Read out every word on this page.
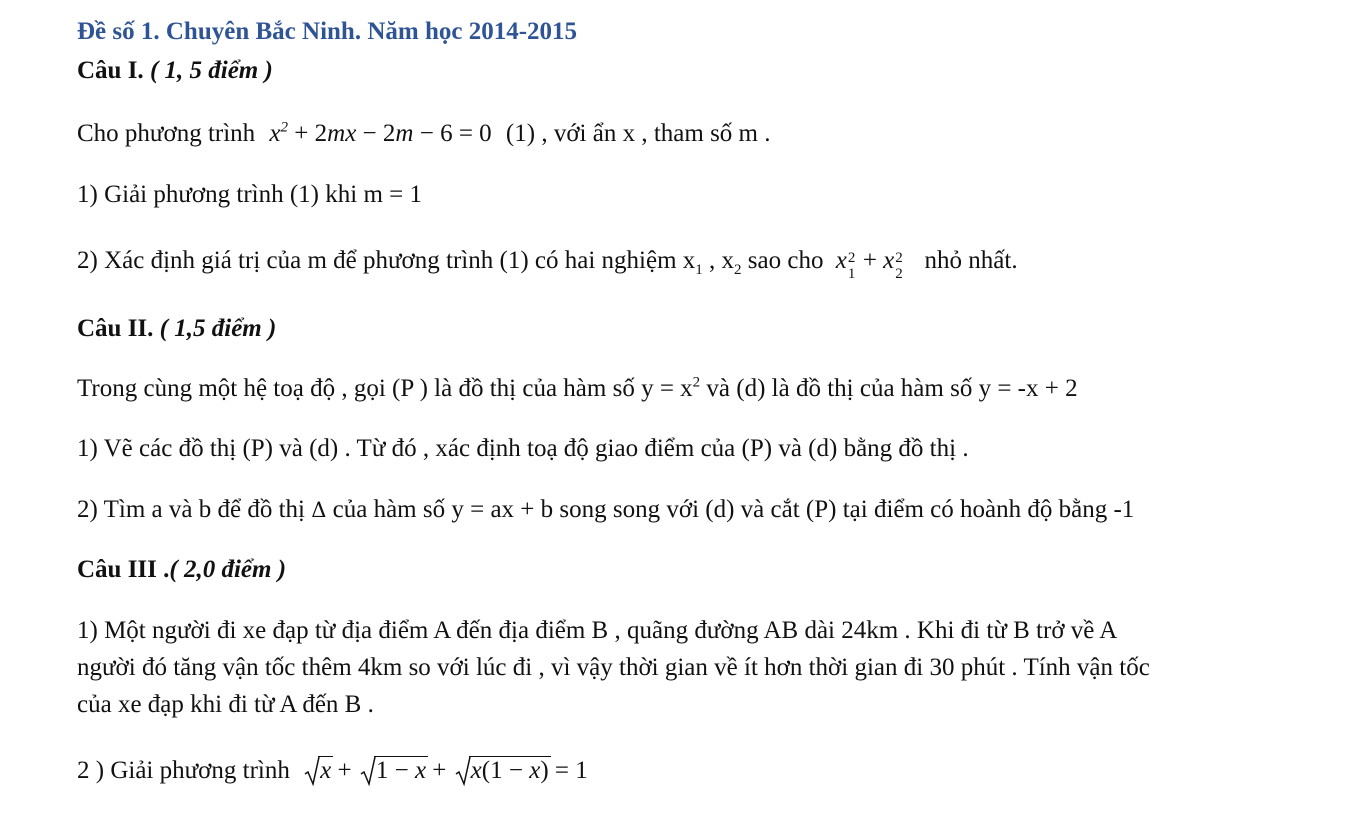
Đề số 1. Chuyên Bắc Ninh. Năm học 2014-2015
Câu I. ( 1, 5 điểm )
Cho phương trình $x^2 + 2mx - 2m - 6 = 0$ (1) , với ẩn x , tham số m .
1) Giải phương trình (1) khi m = 1
2) Xác định giá trị của m để phương trình (1) có hai nghiệm $x_1$ , $x_2$ sao cho x 2
1 + x 2
2 nhỏ nhất.
Câu II. ( 1,5 điểm )
Trong cùng một hệ toạ độ , gọi (P ) là đồ thị của hàm số $y = x^2$ và (d) là đồ thị của hàm số y = -x + 2
1) Vẽ các đồ thị (P) và (d) . Từ đó , xác định toạ độ giao điểm của (P) và (d) bằng đồ thị .
2) Tìm a và b để đồ thị Δ của hàm số y = ax + b song song với (d) và cắt (P) tại điểm có hoành độ bằng -1
Câu III .( 2,0 điểm )
1) Một người đi xe đạp từ địa điểm A đến địa điểm B , quãng đường AB dài 24km . Khi đi từ B trở về A
người đó tăng vận tốc thêm 4km so với lúc đi , vì vậy thời gian về ít hơn thời gian đi 30 phút . Tính vận tốc
của xe đạp khi đi từ A đến B .
2 ) Giải phương trình x +
1 − x +
x(1 − x) = 1
